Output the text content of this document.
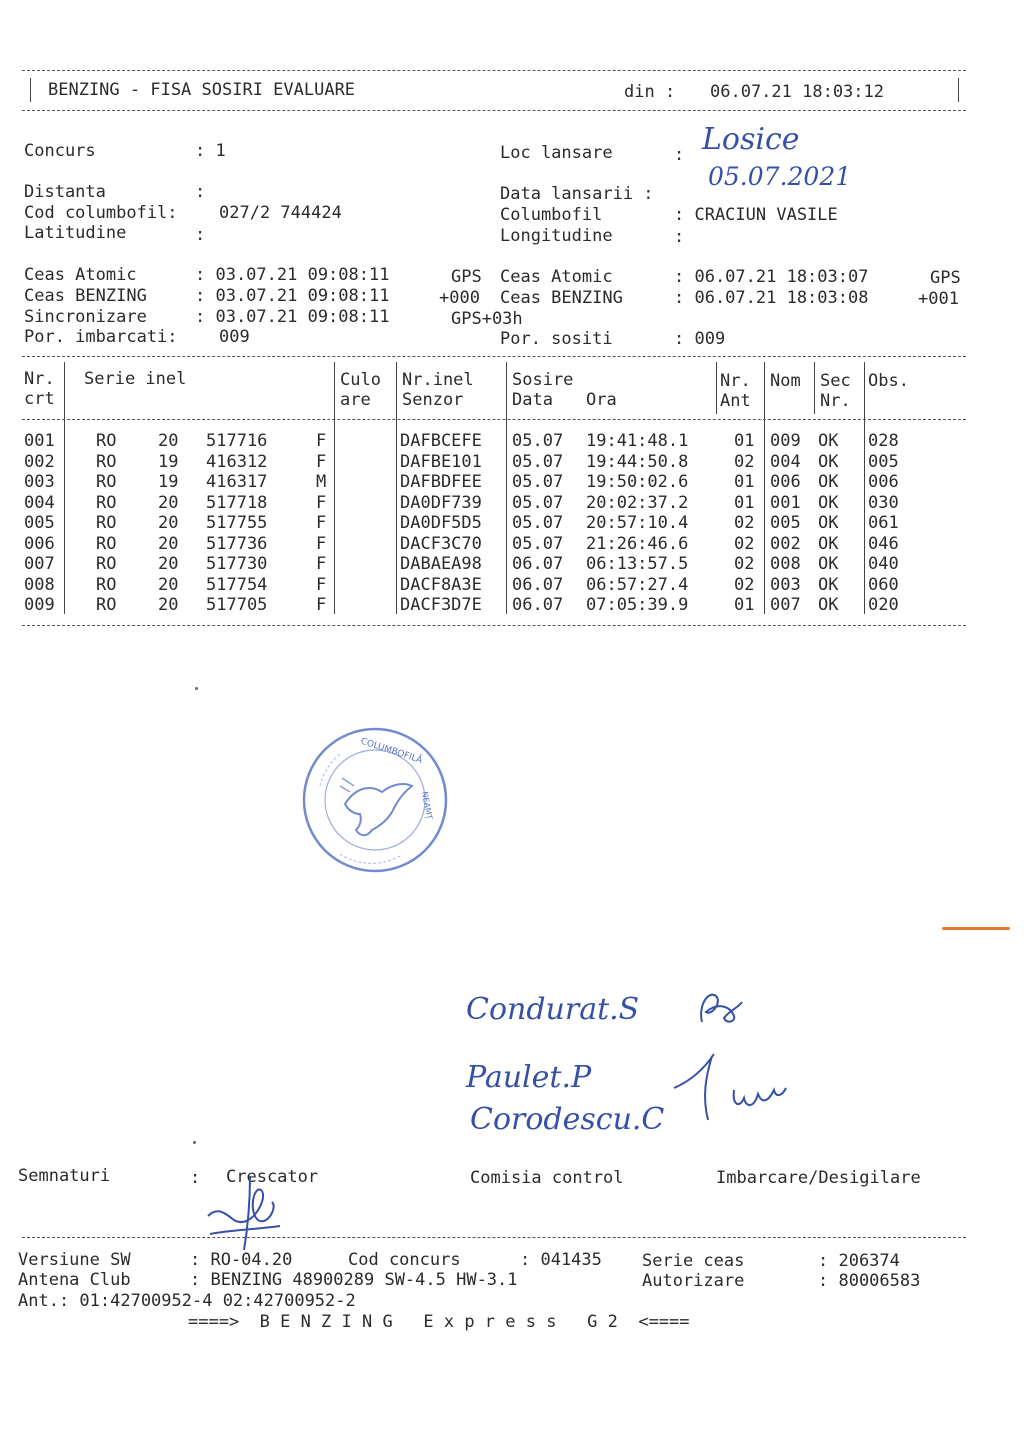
BENZING - FISA SOSIRI EVALUARE	din : 06.07.21 18:03:12
Concurs	: 1	Loc lansare	: Losice
Distanta	:	Data lansarii :
05.07.2021
Cod columbofil: 027/2 744424	Columbofil	: CRACIUN VASILE
Latitudine	:	Longitudine	:
Ceas Atomic	: 03.07.21 09:08:11	GPS Ceas Atomic	: 06.07.21 18:03:07	GPS
Ceas BENZING	: 03.07.21 09:08:11	+000 Ceas BENZING	: 06.07.21 18:03:08	+001
Sincronizare	: 03.07.21 09:08:11	GPS+03h
Por. imbarcati: 009	Por. sositi	: 009
Nr.
crt
Serie inel	Culo
are
Nr.inel
Senzor
Sosire
Data Ora
Nr.
Ant
Nom Sec
Nr.
Obs.
001 RO 20 517716	F	DAFBCEFE 05.07 19:41:48.1	01 009 OK 028
002 RO 19 416312	F	DAFBE101 05.07 19:44:50.8	02 004 OK 005
003 RO 19 416317	M	DAFBDFEE 05.07 19:50:02.6	01 006 OK 006
004 RO 20 517718	F	DA0DF739 05.07 20:02:37.2	01 001 OK 030
005 RO 20 517755	F	DA0DF5D5 05.07 20:57:10.4	02 005 OK 061
006 RO 20 517736	F	DACF3C70 05.07 21:26:46.6	02 002 OK 046
007 RO 20 517730	F	DABAEA98 06.07 06:13:57.5	02 008 OK 040
008 RO 20 517754	F	DACF8A3E 06.07 06:57:27.4	02 003 OK 060
009 RO 20 517705	F	DACF3D7E 06.07 07:05:39.9	01 007 OK 020
COLUMBOFILĂ
NEAMȚ
Condurat.S
Paulet.P
Corodescu.C
Semnaturi	: Crescator	Comisia control	Imbarcare/Desigilare
Versiune SW	: RO-04.20	Cod concurs	: 041435 Serie ceas	: 206374
Antena Club	: BENZING 48900289 SW-4.5 HW-3.1	Autorizare	: 80006583
Ant.: 01:42700952-4 02:42700952-2
====>  B E N Z I N G   E x p r e s s   G 2  <====
